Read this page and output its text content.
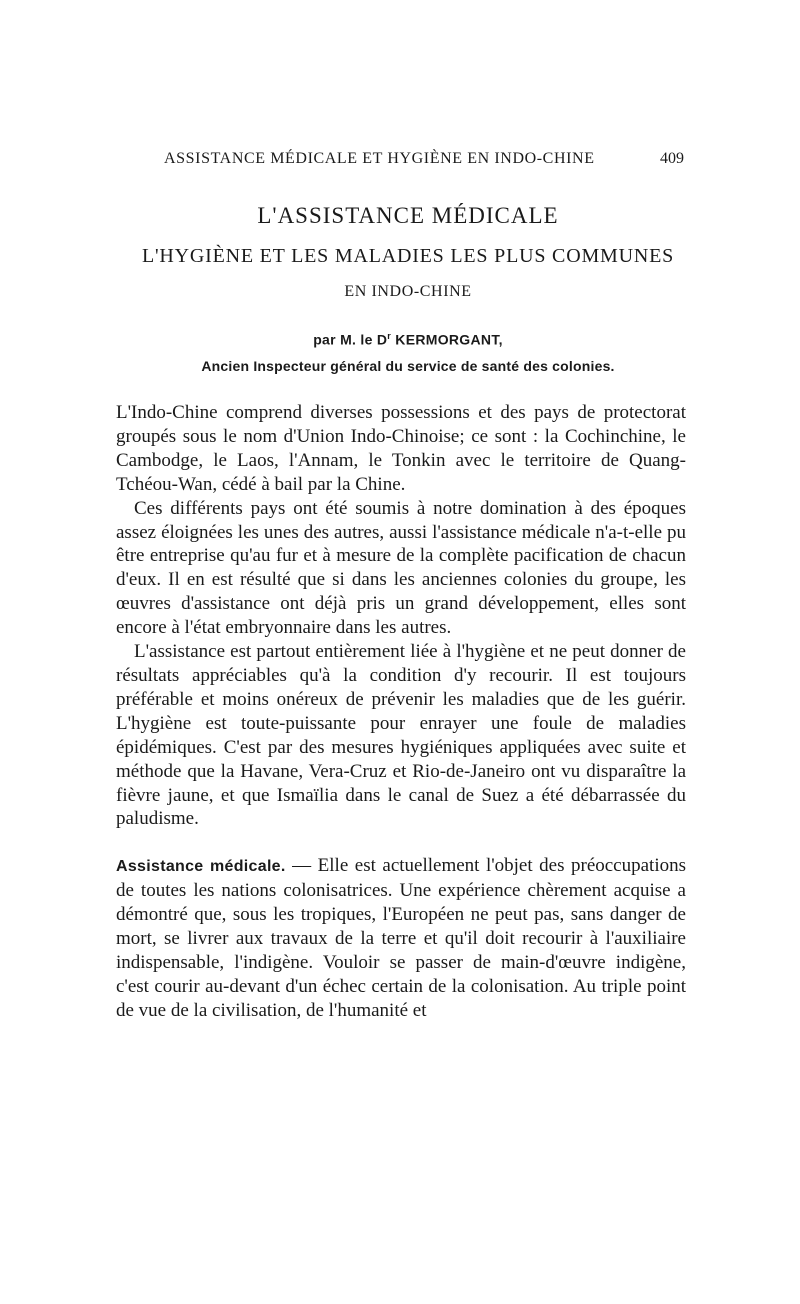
ASSISTANCE MÉDICALE ET HYGIÈNE EN INDO-CHINE	409
L'ASSISTANCE MÉDICALE
L'HYGIÈNE ET LES MALADIES LES PLUS COMMUNES
EN INDO-CHINE
par M. le $D^r$ KERMORGANT,
Ancien Inspecteur général du service de santé des colonies.

L'Indo-Chine comprend diverses possessions et des pays de protectorat groupés sous le nom d'Union Indo-Chinoise; ce sont : la Cochinchine, le Cambodge, le Laos, l'Annam, le Tonkin avec le territoire de Quang-Tchéou-Wan, cédé à bail par la Chine.

Ces différents pays ont été soumis à notre domination à des époques assez éloignées les unes des autres, aussi l'assistance médicale n'a-t-elle pu être entreprise qu'au fur et à mesure de la complète pacification de chacun d'eux. Il en est résulté que si dans les anciennes colonies du groupe, les œuvres d'assistance ont déjà pris un grand développement, elles sont encore à l'état embryonnaire dans les autres.

L'assistance est partout entièrement liée à l'hygiène et ne peut donner de résultats appréciables qu'à la condition d'y recourir. Il est toujours préférable et moins onéreux de prévenir les maladies que de les guérir. L'hygiène est toute-puissante pour enrayer une foule de maladies épidémiques. C'est par des mesures hygiéniques appliquées avec suite et méthode que la Havane, Vera-Cruz et Rio-de-Janeiro ont vu disparaître la fièvre jaune, et que Ismaïlia dans le canal de Suez a été débarrassée du paludisme.

Assistance médicale. — Elle est actuellement l'objet des préoccupations de toutes les nations colonisatrices. Une expérience chèrement acquise a démontré que, sous les tropiques, l'Européen ne peut pas, sans danger de mort, se livrer aux travaux de la terre et qu'il doit recourir à l'auxiliaire indispensable, l'indigène. Vouloir se passer de main-d'œuvre indigène, c'est courir au-devant d'un échec certain de la colonisation. Au triple point de vue de la civilisation, de l'humanité et
